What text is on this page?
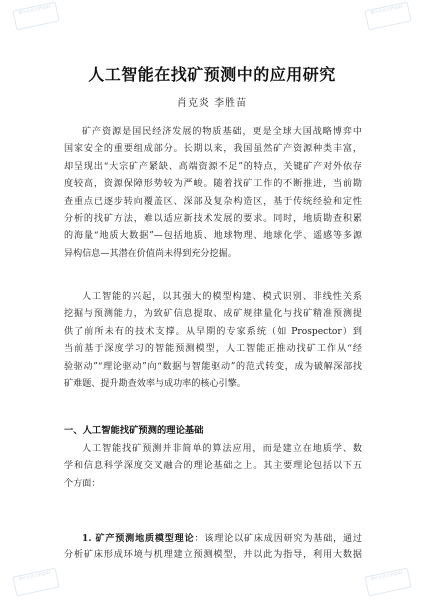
数字化的文档资料	数字化的文档资料
数字化的文档资料	数字化的文档资料
人工智能在找矿预测中的应用研究
肖克炎 李胜苗
矿产资源是国民经济发展的物质基础，更是全球大国战略博弈中
国家安全的重要组成部分。长期以来，我国虽然矿产资源种类丰富，
却呈现出“大宗矿产紧缺、高端资源不足”的特点，关键矿产对外依存
度较高，资源保障形势较为严峻。随着找矿工作的不断推进，当前勘
查重点已逐步转向覆盖区、深部及复杂构造区，基于传统经验和定性
分析的找矿方法，难以适应新技术发展的要求。同时，地质勘查积累
的海量“地质大数据”—包括地质、地球物理、地球化学、遥感等多源
异构信息—其潜在价值尚未得到充分挖掘。
人工智能的兴起，以其强大的模型构建、模式识别、非线性关系
挖掘与预测能力，为致矿信息提取、成矿规律量化与找矿精准预测提
供了前所未有的技术支撑。从早期的专家系统（如 Prospector）到
当前基于深度学习的智能预测模型，人工智能正推动找矿工作从“经
验驱动”“理论驱动”向“数据与智能驱动”的范式转变，成为破解深部找
矿难题、提升勘查效率与成功率的核心引擎。
一、人工智能找矿预测的理论基础
人工智能找矿预测并非简单的算法应用，而是建立在地质学、数
学和信息科学深度交叉融合的理论基础之上。其主要理论包括以下五
个方面：
1. 矿产预测地质模型理论：该理论以矿床成因研究为基础，通过
分析矿床形成环境与机理建立预测模型，并以此为指导，利用大数据
